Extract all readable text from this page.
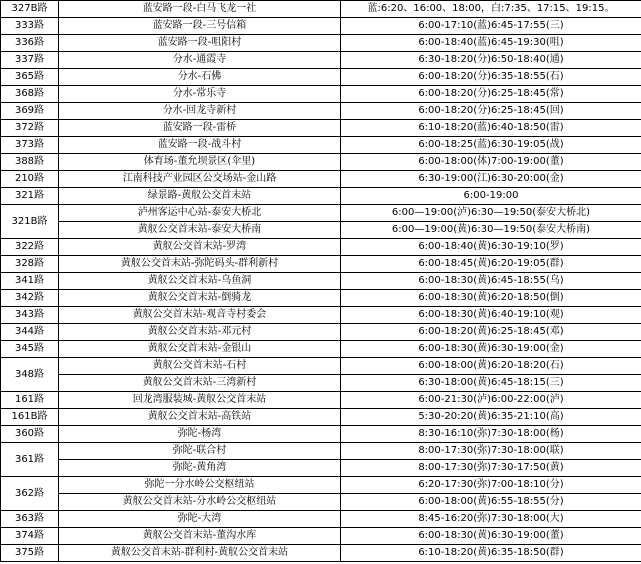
327B路	蓝安路一段-白马飞龙一社	蓝:6:20、16:00、18:00，白:7:35、17:15、19:15。
333路	蓝安路一段-三号信箱	6:00-17:10(蓝)6:45-17:55(三)
336路	蓝安路一段-咀阳村	6:00-18:40(蓝)6:45-19:30(咀)
337路	分水-通霞寺	6:30-18:20(分)6:50-18:40(通)
365路	分水-石佛	6:00-18:20(分)6:35-18:55(石)
368路	分水-常乐寺	6:00-18:20(分)6:25-18:45(常)
369路	分水-回龙寺新村	6:00-18:20(分)6:25-18:45(回)
372路	蓝安路一段-雷桥	6:10-18:20(蓝)6:40-18:50(雷)
373路	蓝安路一段-战斗村	6:00-18:25(蓝)6:30-19:05(战)
388路	体育场-董允坝景区(伞里)	6:00-18:00(体)7:00-19:00(董)
210路	江南科技产业园区公交场站-金山路	6:30-19:00(江)6:30-20:00(金)
321路	绿景路-黄舣公交首末站	6:00-19:00
321B路	泸州客运中心站-泰安大桥北	6:00—19:00(泸)6:30—19:50(泰安大桥北)
	黄舣公交首末站-泰安大桥南	6:00—19:00(黄)6:30—19:50(泰安大桥南)
322路	黄舣公交首末站-罗湾	6:00-18:40(黄)6:30-19:10(罗)
328路	黄舣公交首末站-弥陀码头-群利新村	6:00-18:45(黄)6:20-19:05(群)
341路	黄舣公交首末站-乌鱼洞	6:00-18:30(黄)6:45-18:55(乌)
342路	黄舣公交首末站-倒骑龙	6:00-18:30(黄)6:20-18:50(倒)
343路	黄舣公交首末站-观音寺村委会	6:00-18:30(黄)6:40-19:10(观)
344路	黄舣公交首末站-邓元村	6:00-18:20(黄)6:25-18:45(邓)
345路	黄舣公交首末站-金银山	6:00-18:30(黄)6:30-19:00(金)
348路	黄舣公交首末站-石村	6:00-18:00(黄)6:20-18:20(石)
	黄舣公交首末站-三湾新村	6:30-18:00(黄)6:45-18:15(三)
161路	回龙湾服装城-黄舣公交首末站	6:00-21:30(泸)6:00-22:00(泸)
161B路	黄舣公交首末站-高铁站	5:30-20:20(黄)6:35-21:10(高)
360路	弥陀-杨湾	8:30-16:10(弥)7:30-18:00(杨)
361路	弥陀-联合村	8:00-17:30(弥)7:30-18:00(联)
	弥陀-黄角湾	8:00-17:30(弥)7:30-17:50(黄)
362路	弥陀一分水岭公交枢纽站	6:20-17:30(弥)7:00-18:10(分)
	黄舣公交首末站-分水岭公交枢纽站	6:00-18:00(黄)6:55-18:55(分)
363路	弥陀-大湾	8:45-16:20(弥)7:30-18:00(大)
374路	黄舣公交首末站-董沟水库	6:00-18:30(黄)6:30-19:00(董)
375路	黄舣公交首末站-群利村-黄舣公交首末站	6:10-18:20(黄)6:35-18:50(群)
